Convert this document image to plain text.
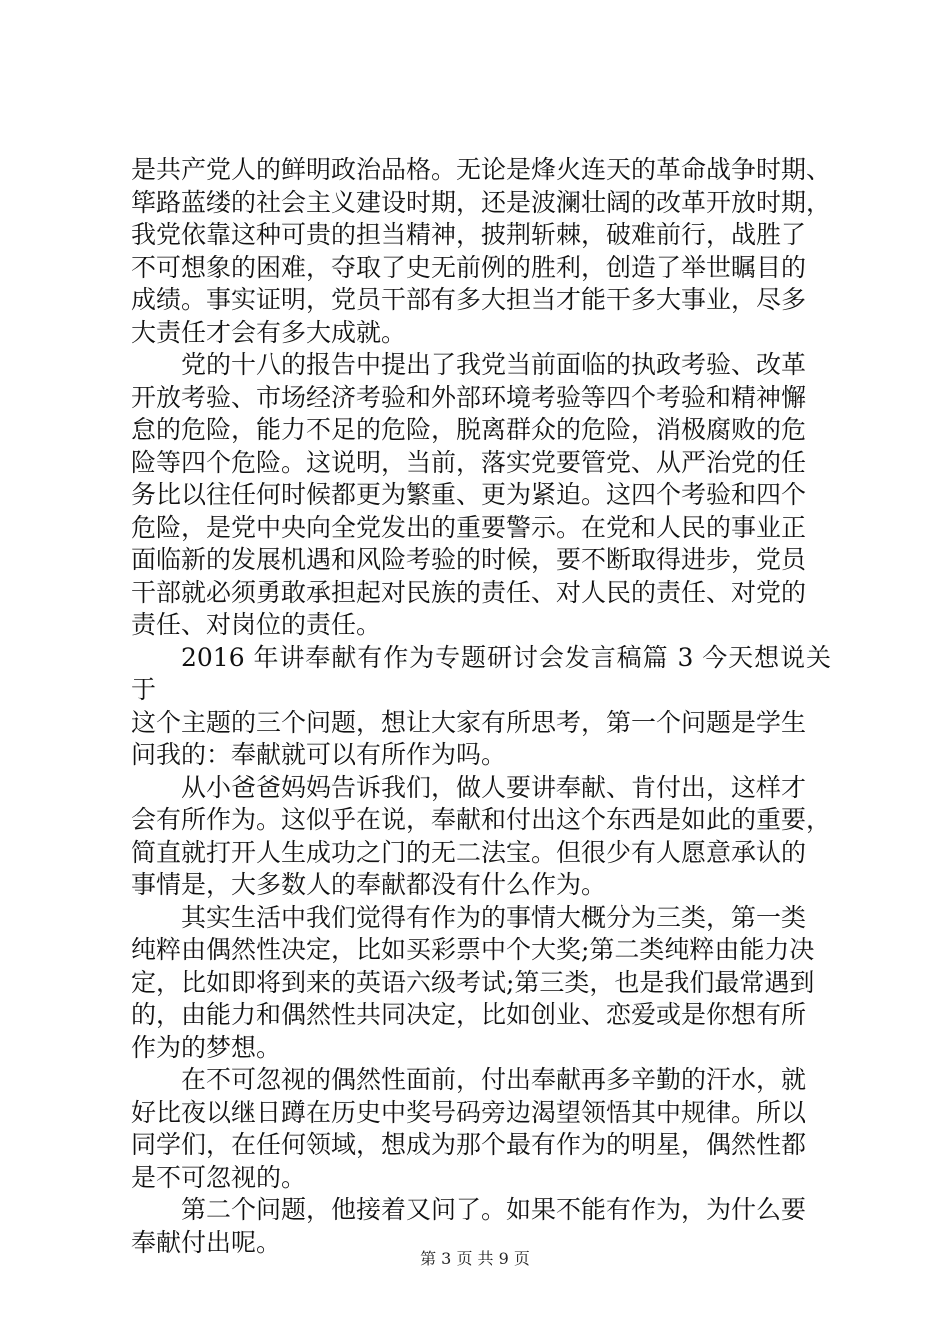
是共产党人的鲜明政治品格。无论是烽火连天的革命战争时期、
筚路蓝缕的社会主义建设时期，还是波澜壮阔的改革开放时期，
我党依靠这种可贵的担当精神，披荆斩棘，破难前行，战胜了
不可想象的困难，夺取了史无前例的胜利，创造了举世瞩目的
成绩。事实证明，党员干部有多大担当才能干多大事业，尽多
大责任才会有多大成就。

党的十八的报告中提出了我党当前面临的执政考验、改革
开放考验、市场经济考验和外部环境考验等四个考验和精神懈
怠的危险，能力不足的危险，脱离群众的危险，消极腐败的危
险等四个危险。这说明，当前，落实党要管党、从严治党的任
务比以往任何时候都更为繁重、更为紧迫。这四个考验和四个
危险，是党中央向全党发出的重要警示。在党和人民的事业正
面临新的发展机遇和风险考验的时候，要不断取得进步，党员
干部就必须勇敢承担起对民族的责任、对人民的责任、对党的
责任、对岗位的责任。

2016 年讲奉献有作为专题研讨会发言稿篇 3 今天想说关于
这个主题的三个问题，想让大家有所思考，第一个问题是学生
问我的：奉献就可以有所作为吗。

从小爸爸妈妈告诉我们，做人要讲奉献、肯付出，这样才
会有所作为。这似乎在说，奉献和付出这个东西是如此的重要，
简直就打开人生成功之门的无二法宝。但很少有人愿意承认的
事情是，大多数人的奉献都没有什么作为。

其实生活中我们觉得有作为的事情大概分为三类，第一类
纯粹由偶然性决定，比如买彩票中个大奖;第二类纯粹由能力决
定，比如即将到来的英语六级考试;第三类，也是我们最常遇到
的，由能力和偶然性共同决定，比如创业、恋爱或是你想有所
作为的梦想。

在不可忽视的偶然性面前，付出奉献再多辛勤的汗水，就
好比夜以继日蹲在历史中奖号码旁边渴望领悟其中规律。所以
同学们，在任何领域，想成为那个最有作为的明星，偶然性都
是不可忽视的。

第二个问题，他接着又问了。如果不能有作为，为什么要
奉献付出呢。

第 3 页 共 9 页
